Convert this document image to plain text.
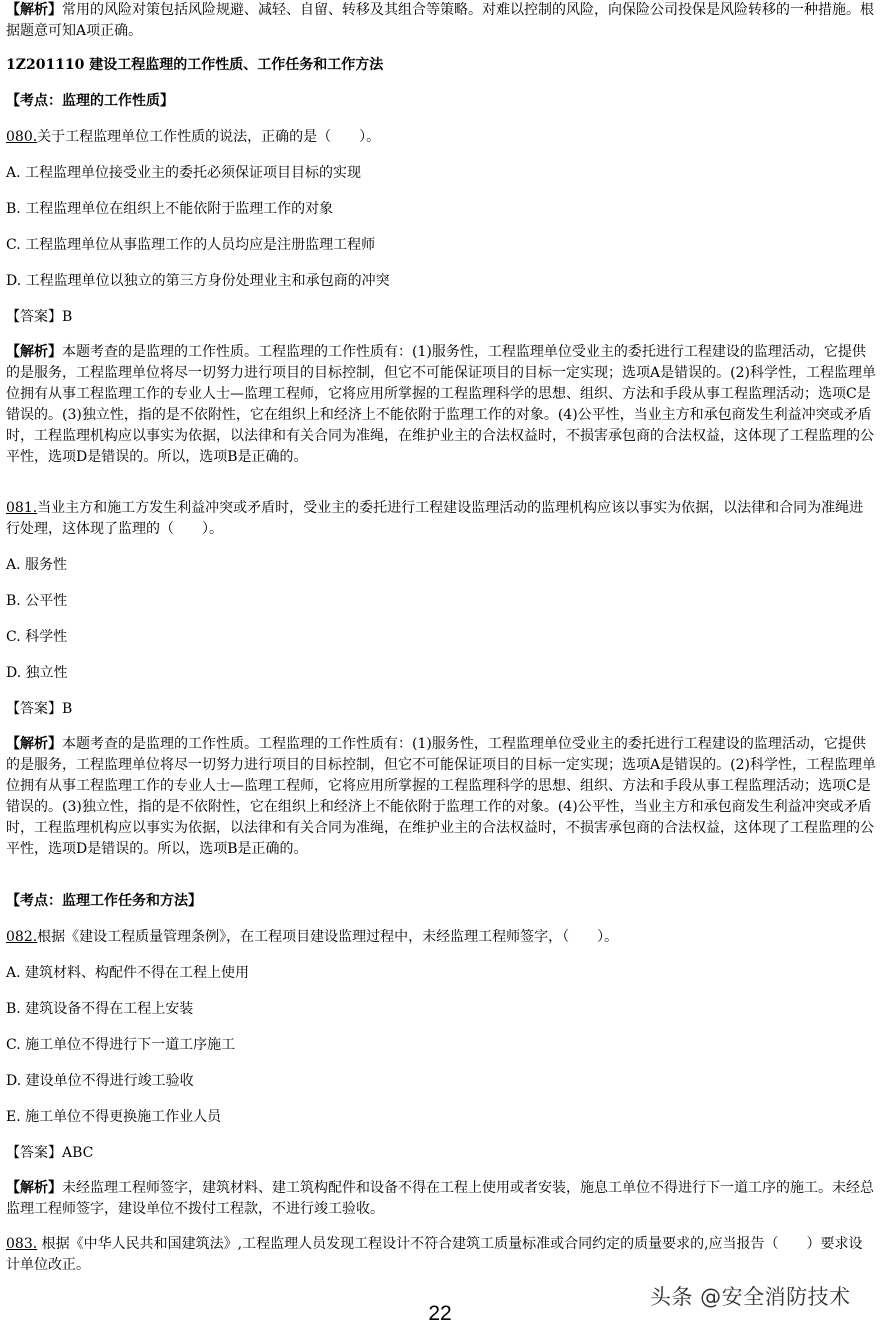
【解析】常用的风险对策包括风险规避、减轻、自留、转移及其组合等策略。对难以控制的风险，向保险公司投保是风险转移的一种措施。根据题意可知A项正确。
1Z201110 建设工程监理的工作性质、工作任务和工作方法
【考点：监理的工作性质】
080.关于工程监理单位工作性质的说法，正确的是（　　）。
A. 工程监理单位接受业主的委托必须保证项目目标的实现
B. 工程监理单位在组织上不能依附于监理工作的对象
C. 工程监理单位从事监理工作的人员均应是注册监理工程师
D. 工程监理单位以独立的第三方身份处理业主和承包商的冲突
【答案】B
【解析】本题考查的是监理的工作性质。工程监理的工作性质有：(1)服务性，工程监理单位受业主的委托进行工程建设的监理活动，它提供的是服务，工程监理单位将尽一切努力进行项目的目标控制，但它不可能保证项目的目标一定实现；选项A是错误的。(2)科学性，工程监理单位拥有从事工程监理工作的专业人士—监理工程师，它将应用所掌握的工程监理科学的思想、组织、方法和手段从事工程监理活动；选项C是错误的。(3)独立性，指的是不依附性，它在组织上和经济上不能依附于监理工作的对象。(4)公平性，当业主方和承包商发生利益冲突或矛盾时，工程监理机构应以事实为依据，以法律和有关合同为准绳，在维护业主的合法权益时，不损害承包商的合法权益，这体现了工程监理的公平性，选项D是错误的。所以，选项B是正确的。
081.当业主方和施工方发生利益冲突或矛盾时，受业主的委托进行工程建设监理活动的监理机构应该以事实为依据，以法律和合同为准绳进行处理，这体现了监理的（　　）。
A. 服务性
B. 公平性
C. 科学性
D. 独立性
【答案】B
【解析】本题考查的是监理的工作性质。工程监理的工作性质有：(1)服务性，工程监理单位受业主的委托进行工程建设的监理活动，它提供的是服务，工程监理单位将尽一切努力进行项目的目标控制，但它不可能保证项目的目标一定实现；选项A是错误的。(2)科学性，工程监理单位拥有从事工程监理工作的专业人士—监理工程师，它将应用所掌握的工程监理科学的思想、组织、方法和手段从事工程监理活动；选项C是错误的。(3)独立性，指的是不依附性，它在组织上和经济上不能依附于监理工作的对象。(4)公平性，当业主方和承包商发生利益冲突或矛盾时，工程监理机构应以事实为依据，以法律和有关合同为准绳，在维护业主的合法权益时，不损害承包商的合法权益，这体现了工程监理的公平性，选项D是错误的。所以，选项B是正确的。
【考点：监理工作任务和方法】
082.根据《建设工程质量管理条例》，在工程项目建设监理过程中，未经监理工程师签字，（　　）。
A. 建筑材料、构配件不得在工程上使用
B. 建筑设备不得在工程上安装
C. 施工单位不得进行下一道工序施工
D. 建设单位不得进行竣工验收
E. 施工单位不得更换施工作业人员
【答案】ABC
【解析】未经监理工程师签字，建筑材料、建工筑构配件和设备不得在工程上使用或者安装，施息工单位不得进行下一道工序的施工。未经总监理工程师签字，建设单位不拨付工程款，不进行竣工验收。
083. 根据《中华人民共和国建筑法》,工程监理人员发现工程设计不符合建筑工质量标准或合同约定的质量要求的,应当报告（　　）要求设计单位改正。
头条 @安全消防技术
22
